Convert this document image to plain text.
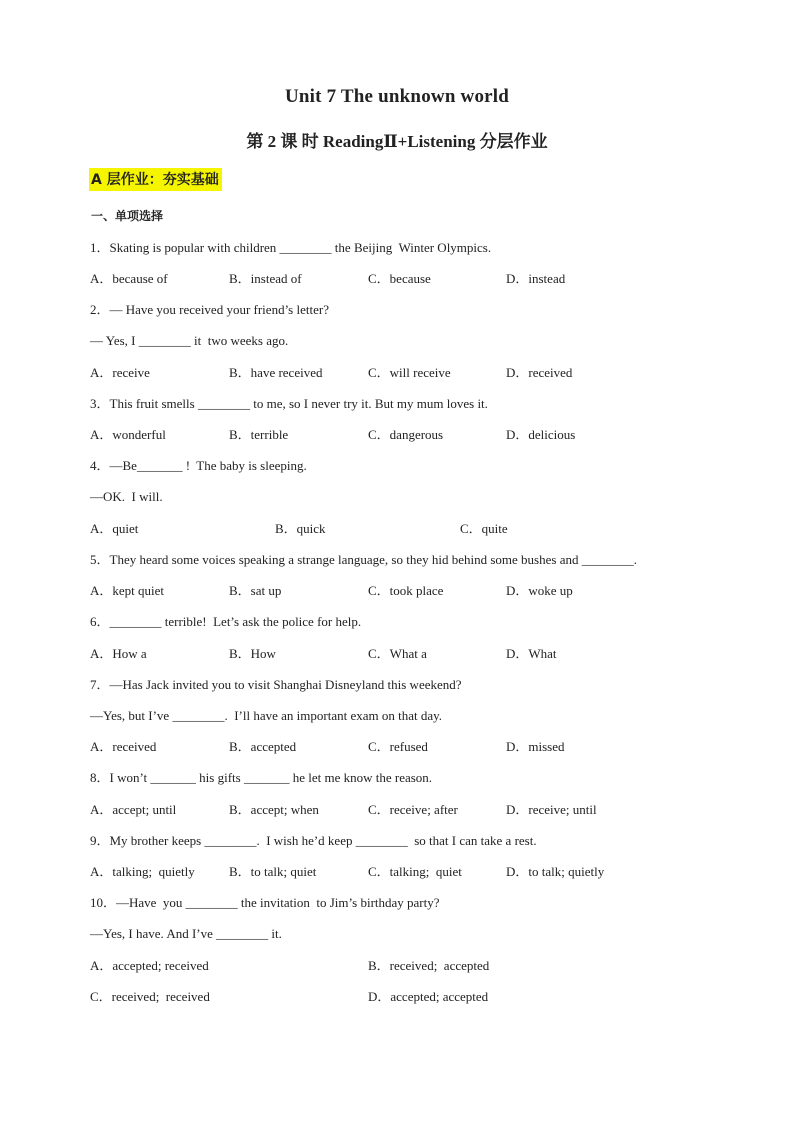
Unit 7 The unknown world
第 2 课 时 ReadingⅡ+Listening 分层作业
A 层作业：夯实基础
一、单项选择
1．Skating is popular with children ________ the Beijing  Winter Olympics.
A．because of	B．instead of	C．because	D．instead
2．— Have you received your friend’s letter?
— Yes, I ________ it  two weeks ago.
A．receive	B．have received	C．will receive	D．received
3．This fruit smells ________ to me, so I never try it. But my mum loves it.
A．wonderful	B．terrible	C．dangerous	D．delicious
4．—Be_______ !  The baby is sleeping.
—OK.  I will.
A．quiet	B．quick	C．quite
5．They heard some voices speaking a strange language, so they hid behind some bushes and ________.
A．kept quiet	B．sat up	C．took place	D．woke up
6．________ terrible!  Let’s ask the police for help.
A．How a	B．How	C．What a	D．What
7．—Has Jack invited you to visit Shanghai Disneyland this weekend?
—Yes, but I’ve ________.  I’ll have an important exam on that day.
A．received	B．accepted	C．refused	D．missed
8．I won’t _______ his gifts _______ he let me know the reason.
A．accept; until	B．accept; when	C．receive; after	D．receive; until
9．My brother keeps ________.  I wish he’d keep ________  so that I can take a rest.
A．talking;  quietly	B．to talk; quiet	C．talking;  quiet	D．to talk; quietly
10．—Have  you ________ the invitation  to Jim’s birthday party?
—Yes, I have. And I’ve ________ it.
A．accepted; received	B．received;  accepted
C．received;  received	D．accepted; accepted
